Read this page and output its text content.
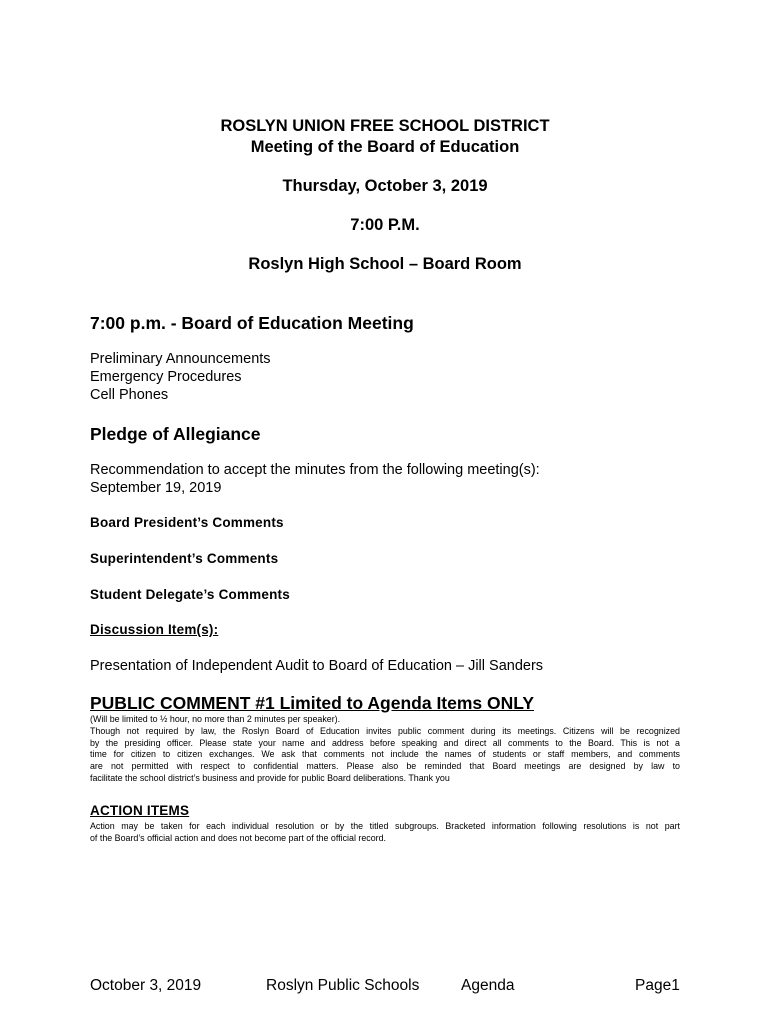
ROSLYN UNION FREE SCHOOL DISTRICT
Meeting of the Board of Education
Thursday, October 3, 2019
7:00 P.M.
Roslyn High School – Board Room
7:00 p.m. - Board of Education Meeting
Preliminary Announcements
Emergency Procedures
Cell Phones
Pledge of Allegiance
Recommendation to accept the minutes from the following meeting(s):
September 19, 2019
Board President’s Comments
Superintendent’s Comments
Student Delegate’s Comments
Discussion Item(s):
Presentation of Independent Audit to Board of Education – Jill Sanders
PUBLIC COMMENT #1 Limited to Agenda Items ONLY
(Will be limited to ½ hour, no more than 2 minutes per speaker).
Though not required by law, the Roslyn Board of Education invites public comment during its meetings. Citizens will be recognized
by the presiding officer. Please state your name and address before speaking and direct all comments to the Board. This is not a
time for citizen to citizen exchanges. We ask that comments not include the names of students or staff members, and comments
are not permitted with respect to confidential matters. Please also be reminded that Board meetings are designed by law to
facilitate the school district’s business and provide for public Board deliberations. Thank you
ACTION ITEMS
Action may be taken for each individual resolution or by the titled subgroups. Bracketed information following resolutions is not part
of the Board’s official action and does not become part of the official record.
October 3, 2019	Roslyn Public Schools	Agenda	Page1
